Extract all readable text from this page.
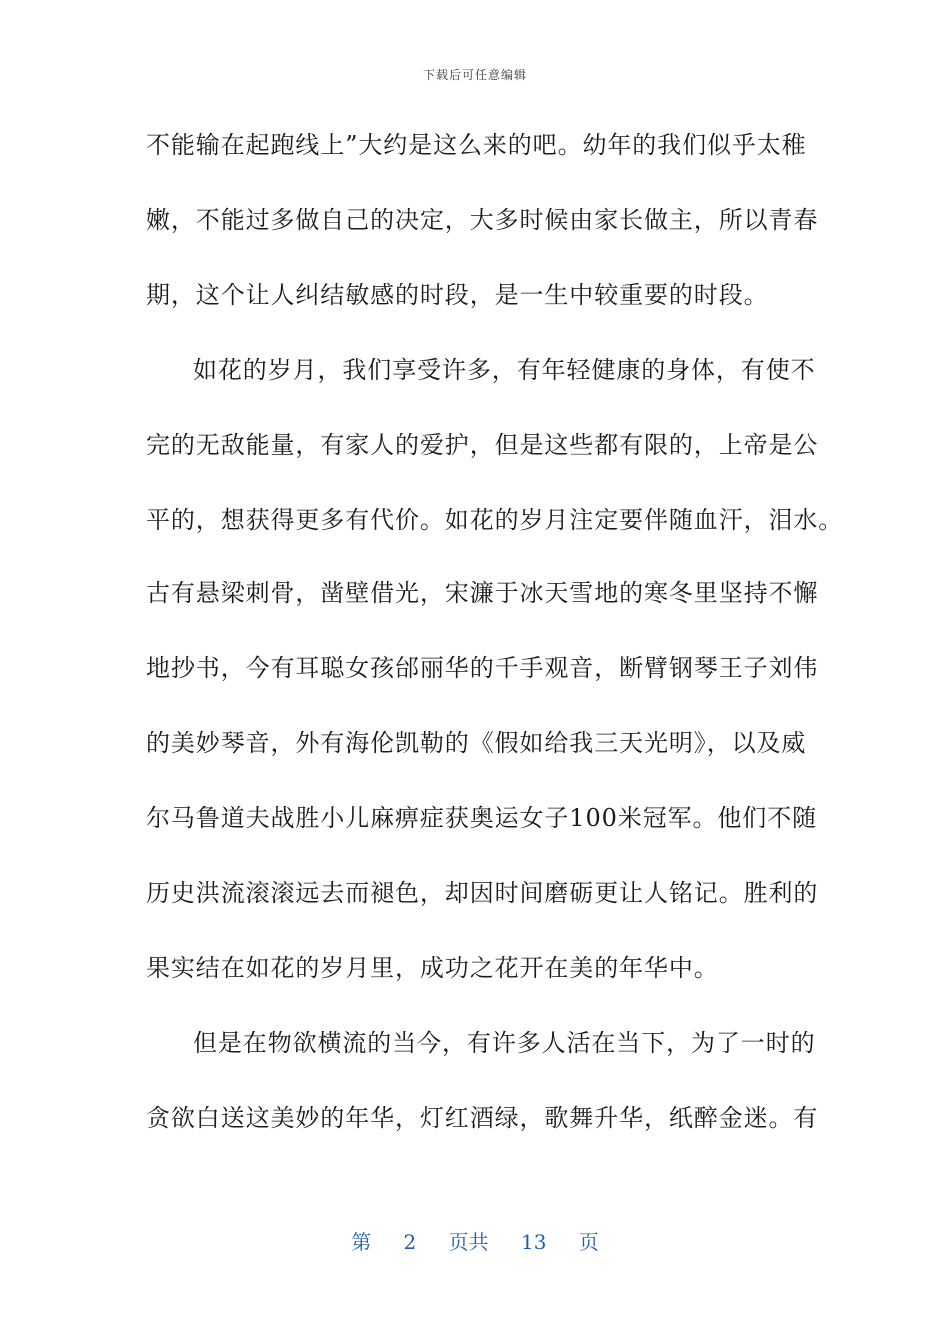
下载后可任意编辑
不能输在起跑线上”大约是这么来的吧。幼年的我们似乎太稚
嫩，不能过多做自己的决定，大多时候由家长做主，所以青春
期，这个让人纠结敏感的时段，是一生中较重要的时段。
如花的岁月，我们享受许多，有年轻健康的身体，有使不
完的无敌能量，有家人的爱护，但是这些都有限的，上帝是公
平的，想获得更多有代价。如花的岁月注定要伴随血汗，泪水。
古有悬梁刺骨，凿壁借光，宋濂于冰天雪地的寒冬里坚持不懈
地抄书，今有耳聪女孩邰丽华的千手观音，断臂钢琴王子刘伟
的美妙琴音，外有海伦凯勒的《假如给我三天光明》，以及威
尔马鲁道夫战胜小儿麻痹症获奥运女子100米冠军。他们不随
历史洪流滚滚远去而褪色，却因时间磨砺更让人铭记。胜利的
果实结在如花的岁月里，成功之花开在美的年华中。
但是在物欲横流的当今，有许多人活在当下，为了一时的
贪欲白送这美妙的年华，灯红酒绿，歌舞升华，纸醉金迷。有
第 2 页共 13 页
